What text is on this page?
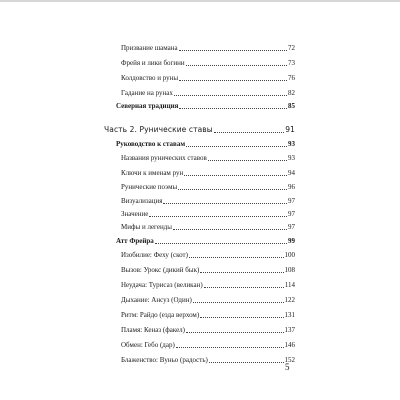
Призвание шамана	72
Фрейя и лики богини	73
Колдовство и руны	76
Гадание на рунах	82
Северная традиция	85
Часть 2. Рунические ставы	91
Руководство к ставам	93
Названия рунических ставов	93
Ключи к именам рун	94
Рунические поэмы	96
Визуализация	97
Значение	97
Мифы и легенды	97
Атт Фрейра	99
Изобилие: Феху (скот)	100
Вызов: Урокс (дикий бык)	108
Неудача: Турисаз (великан)	114
Дыхание: Ансуз (Один)	122
Ритм: Райдо (езда верхом)	131
Пламя: Кеназ (факел)	137
Обмен: Гебо (дар)	146
Блаженство: Вуньо (радость)	152
5
